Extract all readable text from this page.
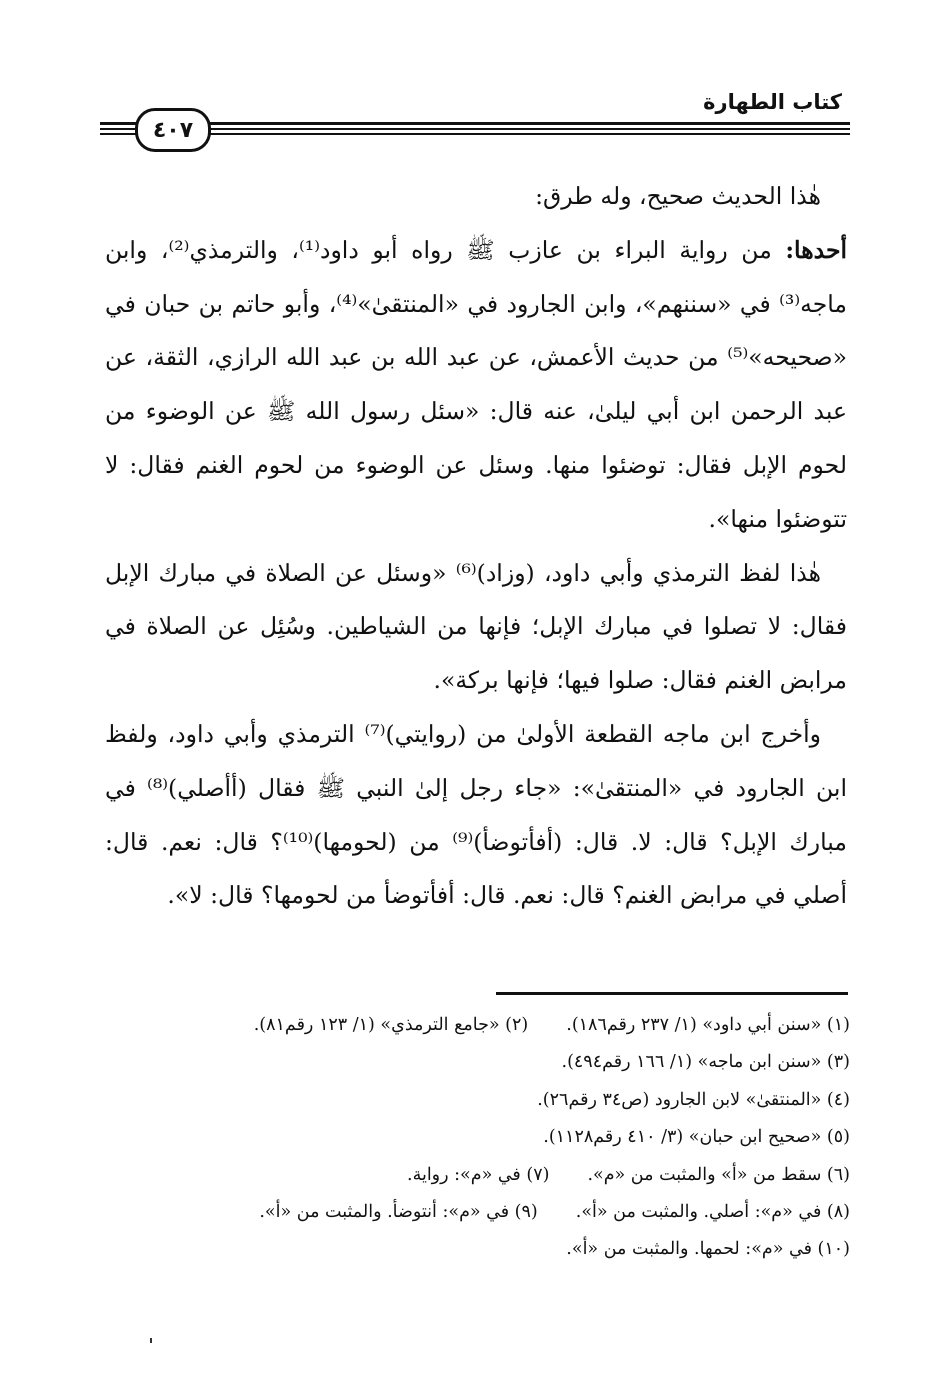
كتاب الطهارة
٤٠٧

هٰذا الحديث صحيح، وله طرق:

أحدها: من رواية البراء بن عازب ﷺ رواه أبو داود⁽¹⁾، والترمذي⁽²⁾، وابن ماجه⁽³⁾ في «سننهم»، وابن الجارود في «المنتقىٰ»⁽⁴⁾، وأبو حاتم بن حبان في «صحيحه»⁽⁵⁾ من حديث الأعمش، عن عبد الله بن عبد الله الرازي، الثقة، عن عبد الرحمن ابن أبي ليلىٰ، عنه قال: «سئل رسول الله ﷺ عن الوضوء من لحوم الإبل فقال: توضئوا منها. وسئل عن الوضوء من لحوم الغنم فقال: لا تتوضئوا منها».

هٰذا لفظ الترمذي وأبي داود، (وزاد)⁽⁶⁾ «وسئل عن الصلاة في مبارك الإبل فقال: لا تصلوا في مبارك الإبل؛ فإنها من الشياطين. وسُئِل عن الصلاة في مرابض الغنم فقال: صلوا فيها؛ فإنها بركة».

وأخرج ابن ماجه القطعة الأولىٰ من (روايتي)⁽⁷⁾ الترمذي وأبي داود، ولفظ ابن الجارود في «المنتقىٰ»: «جاء رجل إلىٰ النبي ﷺ فقال (أأصلي)⁽⁸⁾ في مبارك الإبل؟ قال: لا. قال: (أفأتوضأ)⁽⁹⁾ من (لحومها)⁽¹⁰⁾؟ قال: نعم. قال: أصلي في مرابض الغنم؟ قال: نعم. قال: أفأتوضأ من لحومها؟ قال: لا».

(١) «سنن أبي داود» (١/ ٢٣٧ رقم١٨٦).(٢) «جامع الترمذي» (١/ ١٢٣ رقم٨١).
(٣) «سنن ابن ماجه» (١/ ١٦٦ رقم٤٩٤).
(٤) «المنتقىٰ» لابن الجارود (ص٣٤ رقم٢٦).
(٥) «صحيح ابن حبان» (٣/ ٤١٠ رقم١١٢٨).
(٦) سقط من «أ» والمثبت من «م».(٧) في «م»: رواية.
(٨) في «م»: أصلي. والمثبت من «أ».(٩) في «م»: أنتوضأ. والمثبت من «أ».
(١٠) في «م»: لحمها. والمثبت من «أ».
